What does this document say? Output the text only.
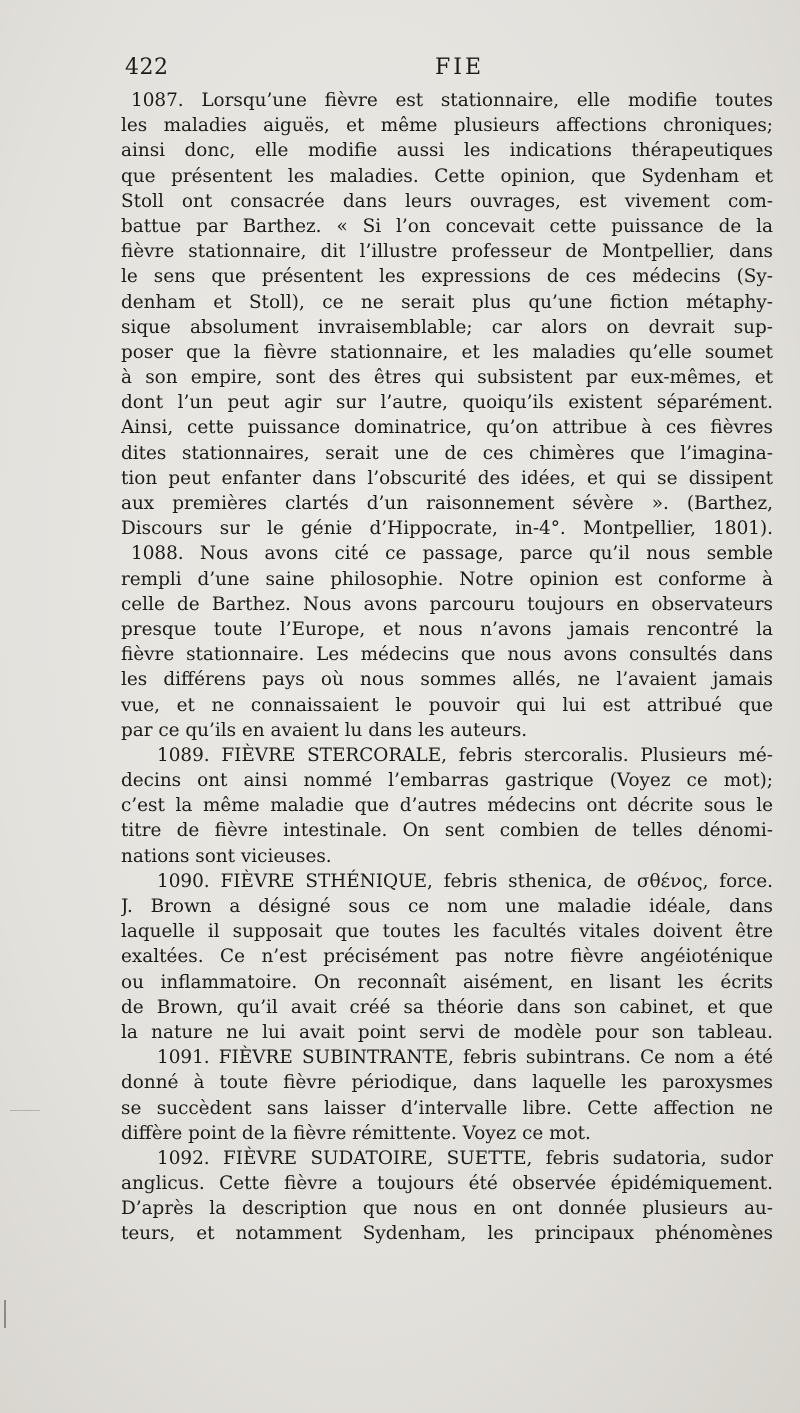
422	FIE
1087. Lorsqu’une fièvre est stationnaire, elle modifie toutes
les maladies aiguës, et même plusieurs affections chroniques;
ainsi donc, elle modifie aussi les indications thérapeutiques
que présentent les maladies. Cette opinion, que Sydenham et
Stoll ont consacrée dans leurs ouvrages, est vivement com-
battue par Barthez. « Si l’on concevait cette puissance de la
fièvre stationnaire, dit l’illustre professeur de Montpellier, dans
le sens que présentent les expressions de ces médecins (Sy-
denham et Stoll), ce ne serait plus qu’une fiction métaphy-
sique absolument invraisemblable; car alors on devrait sup-
poser que la fièvre stationnaire, et les maladies qu’elle soumet
à son empire, sont des êtres qui subsistent par eux-mêmes, et
dont l’un peut agir sur l’autre, quoiqu’ils existent séparément.
Ainsi, cette puissance dominatrice, qu’on attribue à ces fièvres
dites stationnaires, serait une de ces chimères que l’imagina-
tion peut enfanter dans l’obscurité des idées, et qui se dissipent
aux premières clartés d’un raisonnement sévère ». (Barthez,
Discours sur le génie d’Hippocrate, in-4°. Montpellier, 1801).
1088. Nous avons cité ce passage, parce qu’il nous semble
rempli d’une saine philosophie. Notre opinion est conforme à
celle de Barthez. Nous avons parcouru toujours en observateurs
presque toute l’Europe, et nous n’avons jamais rencontré la
fièvre stationnaire. Les médecins que nous avons consultés dans
les différens pays où nous sommes allés, ne l’avaient jamais
vue, et ne connaissaient le pouvoir qui lui est attribué que
par ce qu’ils en avaient lu dans les auteurs.
1089. FIÈVRE STERCORALE, febris stercoralis. Plusieurs mé-
decins ont ainsi nommé l’embarras gastrique (Voyez ce mot);
c’est la même maladie que d’autres médecins ont décrite sous le
titre de fièvre intestinale. On sent combien de telles dénomi-
nations sont vicieuses.
1090. FIÈVRE STHÉNIQUE, febris sthenica, de σθένος, force.
J. Brown a désigné sous ce nom une maladie idéale, dans
laquelle il supposait que toutes les facultés vitales doivent être
exaltées. Ce n’est précisément pas notre fièvre angéioténique
ou inflammatoire. On reconnaît aisément, en lisant les écrits
de Brown, qu’il avait créé sa théorie dans son cabinet, et que
la nature ne lui avait point servi de modèle pour son tableau.
1091. FIÈVRE SUBINTRANTE, febris subintrans. Ce nom a été
donné à toute fièvre périodique, dans laquelle les paroxysmes
se succèdent sans laisser d’intervalle libre. Cette affection ne
diffère point de la fièvre rémittente. Voyez ce mot.
1092. FIÈVRE SUDATOIRE, SUETTE, febris sudatoria, sudor
anglicus. Cette fièvre a toujours été observée épidémiquement.
D’après la description que nous en ont donnée plusieurs au-
teurs, et notamment Sydenham, les principaux phénomènes
